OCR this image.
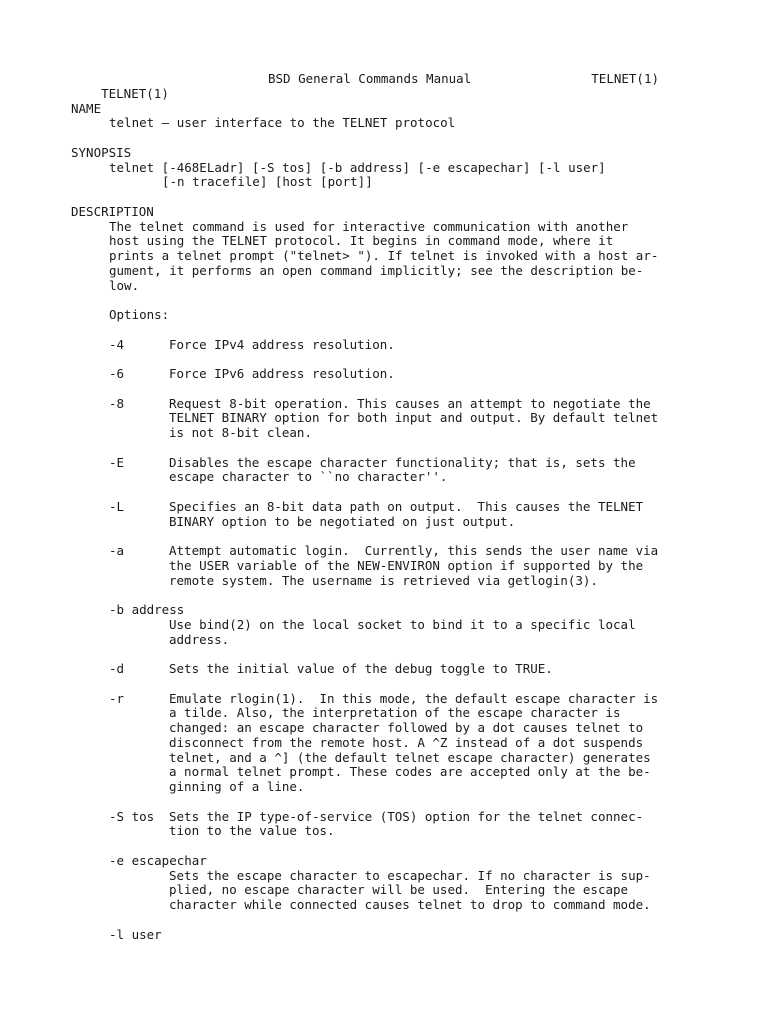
TELNET(1)

BSD General Commands Manual

	TELNET(1)

NAME
telnet — user interface to the TELNET protocol
SYNOPSIS
telnet [-468ELadr] [-S tos] [-b address] [-e escapechar] [-l user]
[-n tracefile] [host [port]]
DESCRIPTION
The telnet command is used for interactive communication with another
host using the TELNET protocol. It begins in command mode, where it
prints a telnet prompt ("telnet> "). If telnet is invoked with a host ar-
gument, it performs an open command implicitly; see the description be-
low.
Options:
-4	Force IPv4 address resolution.
-6	Force IPv6 address resolution.
-8	Request 8-bit operation. This causes an attempt to negotiate the
TELNET BINARY option for both input and output. By default telnet
is not 8-bit clean.
-E	Disables the escape character functionality; that is, sets the
escape character to ``no character''.
-L	Specifies an 8-bit data path on output.  This causes the TELNET
BINARY option to be negotiated on just output.
-a	Attempt automatic login.  Currently, this sends the user name via
the USER variable of the NEW-ENVIRON option if supported by the
remote system. The username is retrieved via getlogin(3).
-b address
Use bind(2) on the local socket to bind it to a specific local
address.
-d	Sets the initial value of the debug toggle to TRUE.
-r	Emulate rlogin(1).  In this mode, the default escape character is
a tilde. Also, the interpretation of the escape character is
changed: an escape character followed by a dot causes telnet to
disconnect from the remote host. A ^Z instead of a dot suspends
telnet, and a ^] (the default telnet escape character) generates
a normal telnet prompt. These codes are accepted only at the be-
ginning of a line.
-S tos Sets the IP type-of-service (TOS) option for the telnet connec-
tion to the value tos.
-e escapechar
Sets the escape character to escapechar. If no character is sup-
plied, no escape character will be used.  Entering the escape
character while connected causes telnet to drop to command mode.
-l user
